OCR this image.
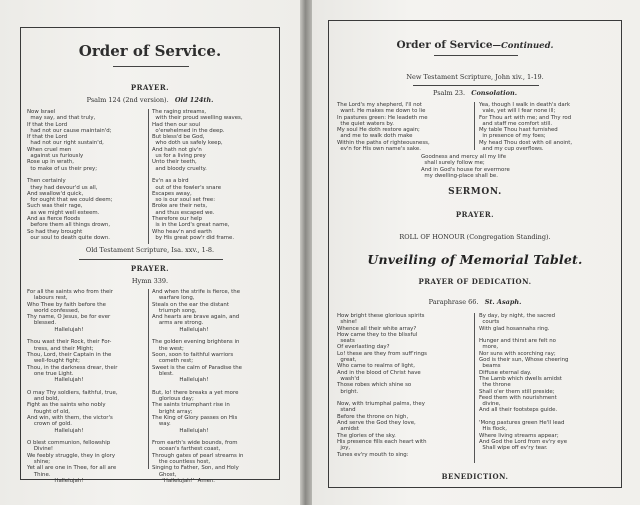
Order of Service.
PRAYER.
Psalm 124 (2nd version). Old 124th.
Now Israel
may say, and that truly,
If that the Lord
had not our cause maintain'd;
If that the Lord
had not our right sustain'd,
When cruel men
against us furiously
Rose up in wrath,
to make of us their prey;

Then certainly
they had devour'd us all,
And swallow'd quick,
for ought that we could deem;
Such was their rage,
as we might well esteem.
And as fierce floods
before them all things drown,
So had they brought
our soul to death quite down.
The raging streams,
with their proud swelling waves,
Had then our soul
o'erwhelmed in the deep.
But bless'd be God,
who doth us safely keep,
And hath not giv'n
us for a living prey
Unto their teeth,
and bloody cruelty.

Ev'n as a bird
out of the fowler's snare
Escapes away,
so is our soul set free:
Broke are their nets,
and thus escaped we.
Therefore our help
is in the Lord's great name,
Who heav'n and earth
by His great pow'r did frame.
Old Testament Scripture, Isa. xxv., 1-8.
PRAYER.
Hymn 339.
For all the saints who from their
labours rest,
Who Thee by faith before the
world confessed,
Thy name, O Jesus, be for ever
blessed.
Hallelujah!

Thou wast their Rock, their For-
tress, and their Might;
Thou, Lord, their Captain in the
well-fought fight;
Thou, in the darkness drear, their
one true Light.
Hallelujah!

O may Thy soldiers, faithful, true,
and bold,
Fight as the saints who nobly
fought of old,
And win, with them, the victor's
crown of gold.
Hallelujah!

O blest communion, fellowship
Divine!
We feebly struggle, they in glory
shine;
Yet all are one in Thee, for all are
Thine.
Hallelujah!
And when the strife is fierce, the
warfare long,
Steals on the ear the distant
triumph song,
And hearts are brave again, and
arms are strong.
Hallelujah!

The golden evening brightens in
the west;
Soon, soon to faithful warriors
cometh rest;
Sweet is the calm of Paradise the
blest.
Hallelujah!

But, lo! there breaks a yet more
glorious day;
The saints triumphant rise in
bright array;
The King of Glory passes on His
way.
Hallelujah!

From earth's wide bounds, from
ocean's farthest coast,
Through gates of pearl streams in
the countless host,
Singing to Father, Son, and Holy
Ghost,
'Hallelujah!'  Amen.
Order of Service—Continued.
New Testament Scripture, John xiv., 1-19.
Psalm 23. Consolation.
The Lord's my shepherd, I'll not
want. He makes me down to lie
In pastures green: He leadeth me
the quiet waters by.
My soul He doth restore again;
and me to walk doth make
Within the paths of righteousness,
ev'n for His own name's sake.
Yea, though I walk in death's dark
vale, yet will I fear none ill;
For Thou art with me; and Thy rod
and staff me comfort still.
My table Thou hast furnished
in presence of my foes;
My head Thou dost with oil anoint,
and my cup overflows.
Goodness and mercy all my life
shall surely follow me;
And in God's house for evermore
my dwelling-place shall be.
SERMON.
PRAYER.
ROLL OF HONOUR (Congregation Standing).
Unveiling of Memorial Tablet.
PRAYER OF DEDICATION.
Paraphrase 66. St. Asaph.
How bright these glorious spirits
shine!
Whence all their white array?
How came they to the blissful
seats
Of everlasting day?
Lo! these are they from suff'rings
great,
Who came to realms of light,
And in the blood of Christ have
wash'd
Those robes which shine so
bright.

Now, with triumphal palms, they
stand
Before the throne on high,
And serve the God they love,
amidst
The glories of the sky.
His presence fills each heart with
joy,
Tunes ev'ry mouth to sing:
By day, by night, the sacred
courts
With glad hosannahs ring.

Hunger and thirst are felt no
more,
Nor suns with scorching ray;
God is their sun, Whose cheering
beams
Diffuse eternal day.
The Lamb which dwells amidst
the throne
Shall o'er them still preside;
Feed them with nourishment
divine,
And all their footsteps guide.

'Mong pastures green He'll lead
His flock,
Where living streams appear;
And God the Lord from ev'ry eye
Shall wipe off ev'ry tear.
BENEDICTION.
